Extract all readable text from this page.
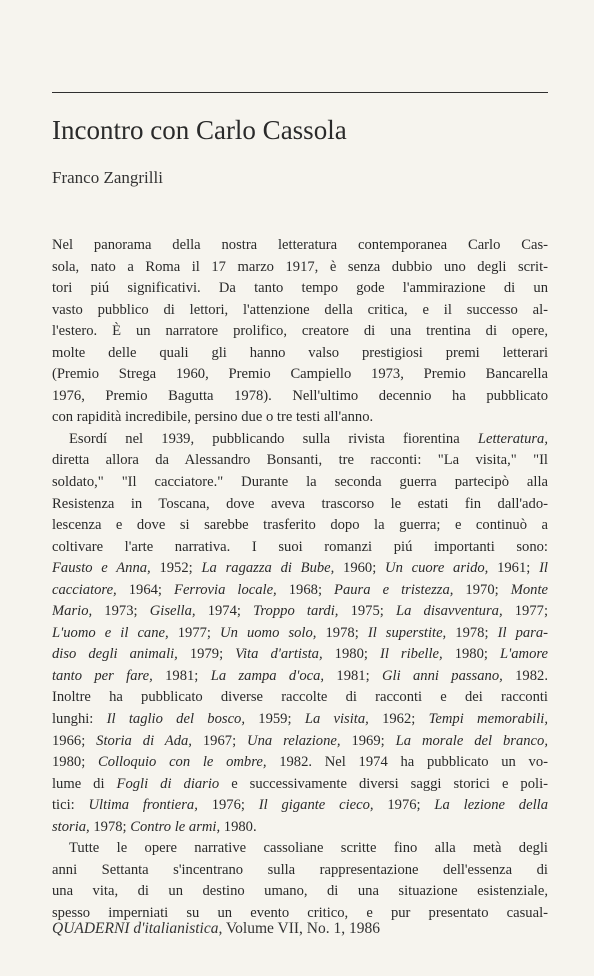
Incontro con Carlo Cassola
Franco Zangrilli
Nel panorama della nostra letteratura contemporanea Carlo Cas-
sola, nato a Roma il 17 marzo 1917, è senza dubbio uno degli scrit-
tori piú significativi. Da tanto tempo gode l'ammirazione di un
vasto pubblico di lettori, l'attenzione della critica, e il successo al-
l'estero. È un narratore prolifico, creatore di una trentina di opere,
molte delle quali gli hanno valso prestigiosi premi letterari
(Premio Strega 1960, Premio Campiello 1973, Premio Bancarella
1976, Premio Bagutta 1978). Nell'ultimo decennio ha pubblicato
con rapidità incredibile, persino due o tre testi all'anno.
Esordí nel 1939, pubblicando sulla rivista fiorentina Letteratura,
diretta allora da Alessandro Bonsanti, tre racconti: "La visita," "Il
soldato," "Il cacciatore." Durante la seconda guerra partecipò alla
Resistenza in Toscana, dove aveva trascorso le estati fin dall'ado-
lescenza e dove si sarebbe trasferito dopo la guerra; e continuò a
coltivare l'arte narrativa. I suoi romanzi piú importanti sono:
Fausto e Anna, 1952; La ragazza di Bube, 1960; Un cuore arido, 1961; Il
cacciatore, 1964; Ferrovia locale, 1968; Paura e tristezza, 1970; Monte
Mario, 1973; Gisella, 1974; Troppo tardi, 1975; La disavventura, 1977;
L'uomo e il cane, 1977; Un uomo solo, 1978; Il superstite, 1978; Il para-
diso degli animali, 1979; Vita d'artista, 1980; Il ribelle, 1980; L'amore
tanto per fare, 1981; La zampa d'oca, 1981; Gli anni passano, 1982.
Inoltre ha pubblicato diverse raccolte di racconti e dei racconti
lunghi: Il taglio del bosco, 1959; La visita, 1962; Tempi memorabili,
1966; Storia di Ada, 1967; Una relazione, 1969; La morale del branco,
1980; Colloquio con le ombre, 1982. Nel 1974 ha pubblicato un vo-
lume di Fogli di diario e successivamente diversi saggi storici e poli-
tici: Ultima frontiera, 1976; Il gigante cieco, 1976; La lezione della
storia, 1978; Contro le armi, 1980.
Tutte le opere narrative cassoliane scritte fino alla metà degli
anni Settanta s'incentrano sulla rappresentazione dell'essenza di
una vita, di un destino umano, di una situazione esistenziale,
spesso imperniati su un evento critico, e pur presentato casual-
QUADERNI d'italianistica, Volume VII, No. 1, 1986
